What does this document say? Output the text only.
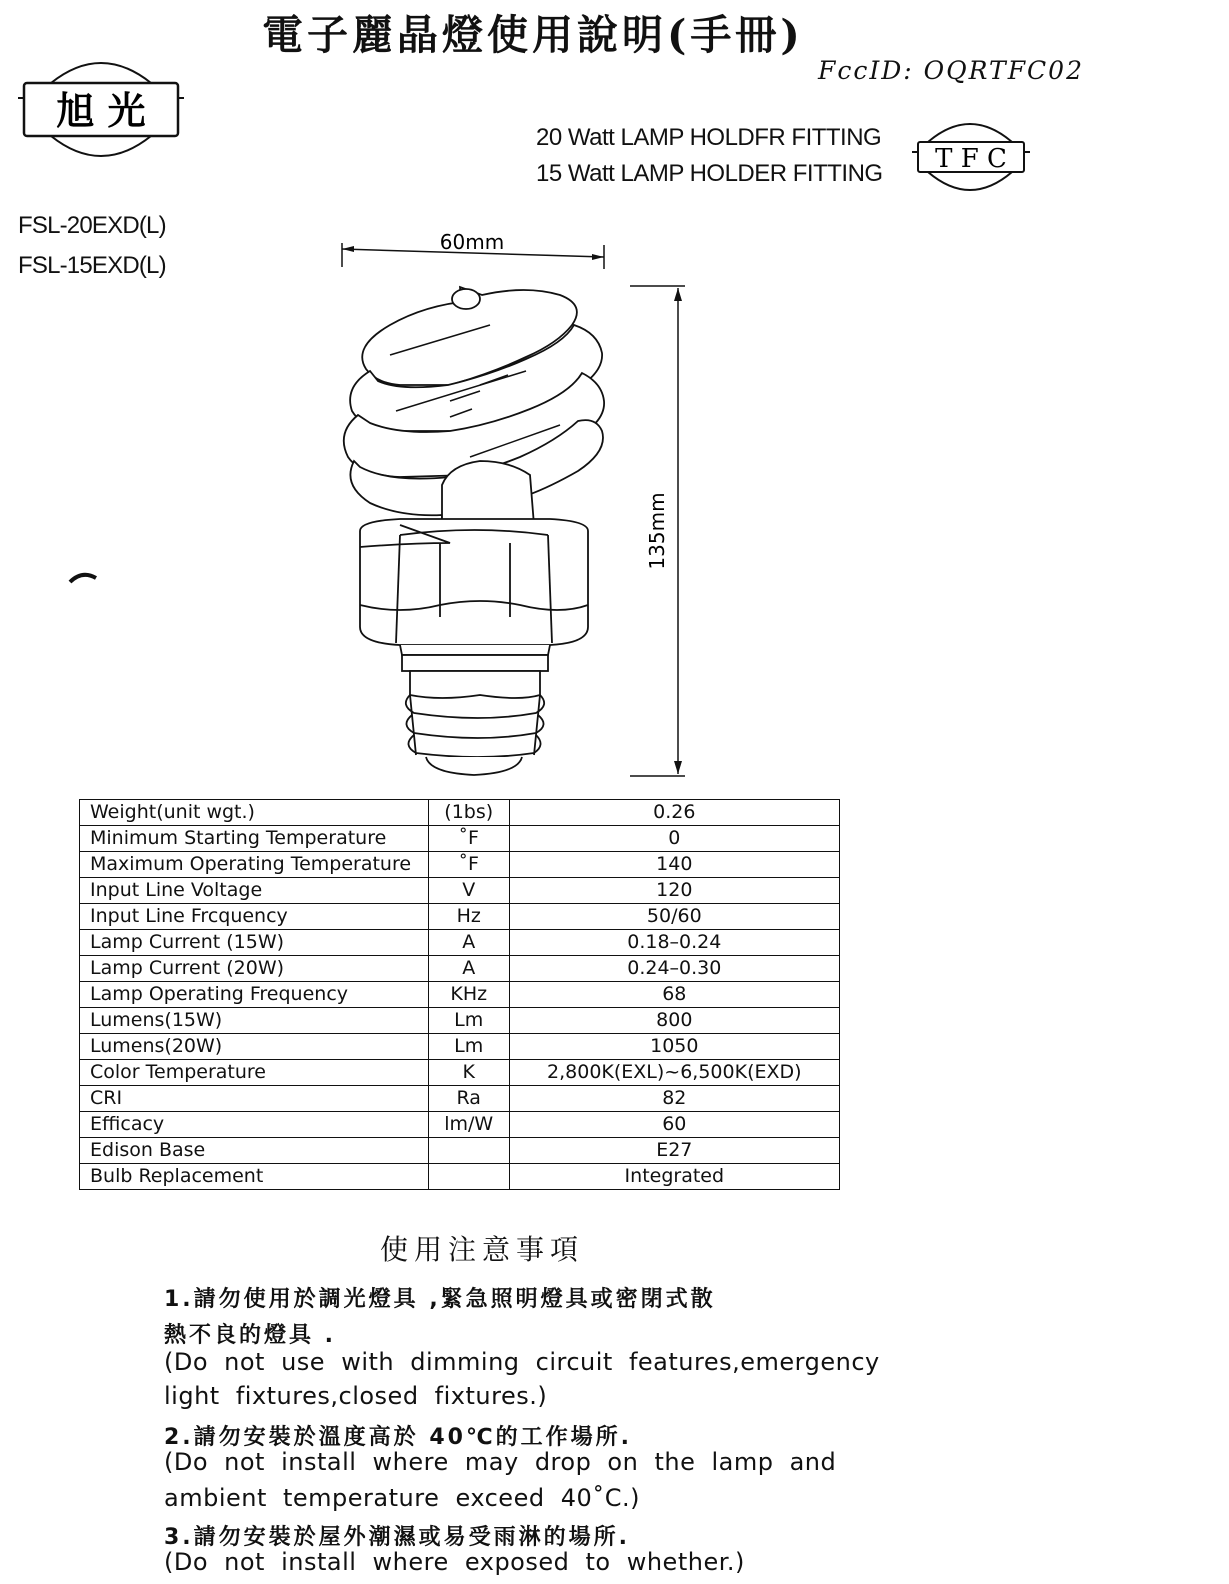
電子麗晶燈使用說明(手冊)
FccID: OQRTFC02
旭 光
T F C
20 Watt LAMP HOLDFR FITTING
15 Watt LAMP HOLDER FITTING
FSL-20EXD(L)
FSL-15EXD(L)
60mm
135mm
Weight(unit wgt.)	(1bs)	0.26
Minimum Starting Temperature	˚F	0
Maximum Operating Temperature	˚F	140
Input Line Voltage	V	120
Input Line Frcquency	Hz	50/60
Lamp Current (15W)	A	0.18–0.24
Lamp Current (20W)	A	0.24–0.30
Lamp Operating Frequency	KHz	68
Lumens(15W)	Lm	800
Lumens(20W)	Lm	1050
Color Temperature	K	2,800K(EXL)~6,500K(EXD)
CRI	Ra	82
Efficacy	lm/W	60
Edison Base		E27
Bulb Replacement		Integrated
使用注意事項
1.請勿使用於調光燈具 ,緊急照明燈具或密閉式散
熱不良的燈具 .
(Do not use with dimming circuit features,emergency
light fixtures,closed fixtures.)
2.請勿安裝於溫度高於 40℃的工作場所.
(Do not install where may drop on the lamp and
ambient temperature exceed 40˚C.)
3.請勿安裝於屋外潮濕或易受雨淋的場所.
(Do not install where exposed to whether.)
